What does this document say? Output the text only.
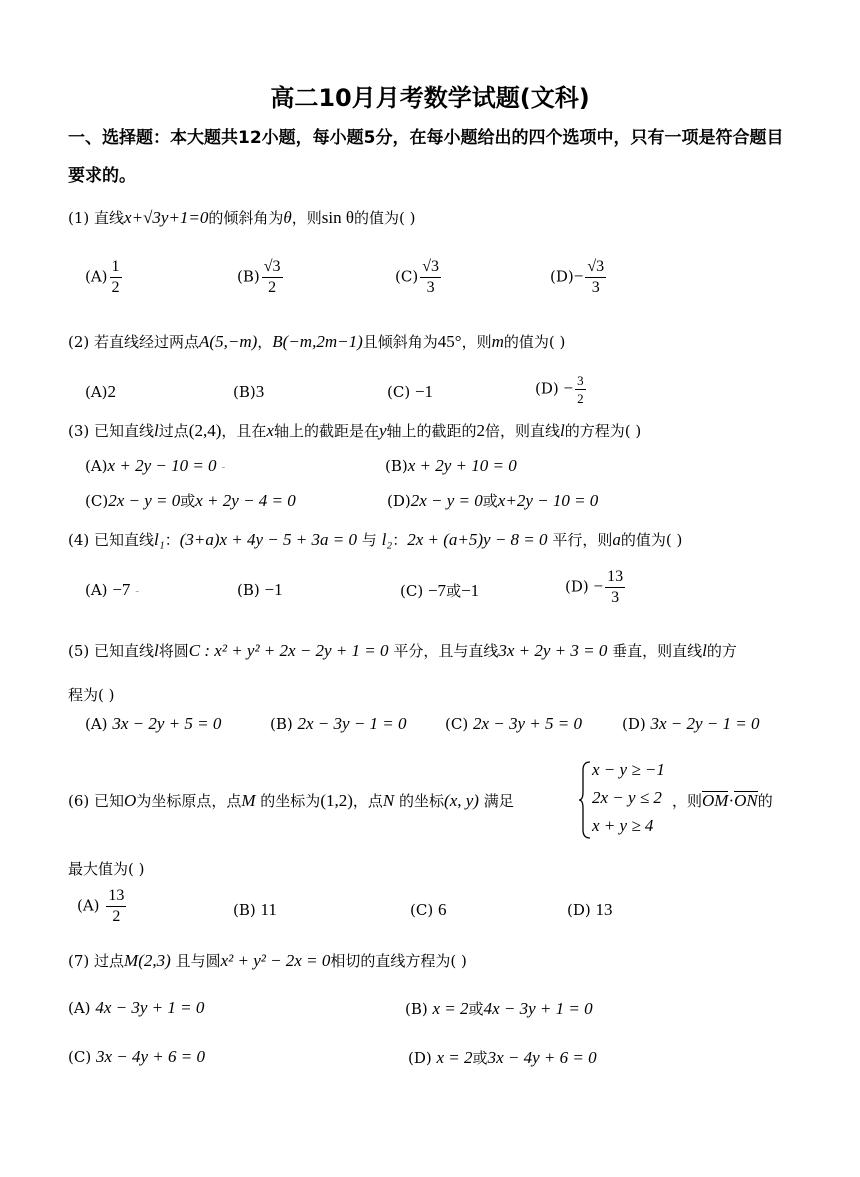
高二10月月考数学试题(文科)
一、选择题：本大题共12小题，每小题5分，在每小题给出的四个选项中，只有一项是符合题目要求的。
(1) 直线x+√3y+1=0的倾斜角为θ，则sin θ的值为( )
$(A) \frac{1}{2}$	$(B) \frac{√3}{2}$	$(C) \frac{√3}{3}$	$(D)- \frac{√3}{3}$
(2) 若直线经过两点A(5,−m)，B(−m,2m−1)且倾斜角为45°，则m的值为( )
(A)2	(B)3	(C) −1	$(D) - \frac{3}{2}$
(3) 已知直线l过点(2,4)，且在x轴上的截距是在y轴上的截距的2倍，则直线l的方程为( )
(A)x + 2y − 10 = 0 -	(B)x + 2y + 10 = 0
(C)2x − y = 0或x + 2y − 4 = 0	(D)2x − y = 0或x+2y − 10 = 0
(4) 已知直线l₁：(3+a)x + 4y − 5 + 3a = 0 与 l₂：2x + (a+5)y − 8 = 0 平行，则a的值为( )
(A) −7 -	(B) −1	(C) −7或−1	$(D) - \frac{13}{3}$
(5) 已知直线l将圆C : x² + y² + 2x − 2y + 1 = 0 平分，且与直线3x + 2y + 3 = 0 垂直，则直线l的方
程为( )
(A) 3x − 2y + 5 = 0	(B) 2x − 3y − 1 = 0	(C) 2x − 3y + 5 = 0	(D) 3x − 2y − 1 = 0
(6) 已知O为坐标原点，点M 的坐标为(1,2)，点N 的坐标(x, y) 满足
x − y ≥ −1
2x − y ≤ 2
x + y ≥ 4
，则OM·ON的
最大值为( )
$(A) \frac{13}{2}$	(B) 11	(C) 6	(D) 13
(7) 过点M(2,3) 且与圆x² + y² − 2x = 0相切的直线方程为( )
(A) 4x − 3y + 1 = 0	(B) x = 2或4x − 3y + 1 = 0
(C) 3x − 4y + 6 = 0	(D) x = 2或3x − 4y + 6 = 0
